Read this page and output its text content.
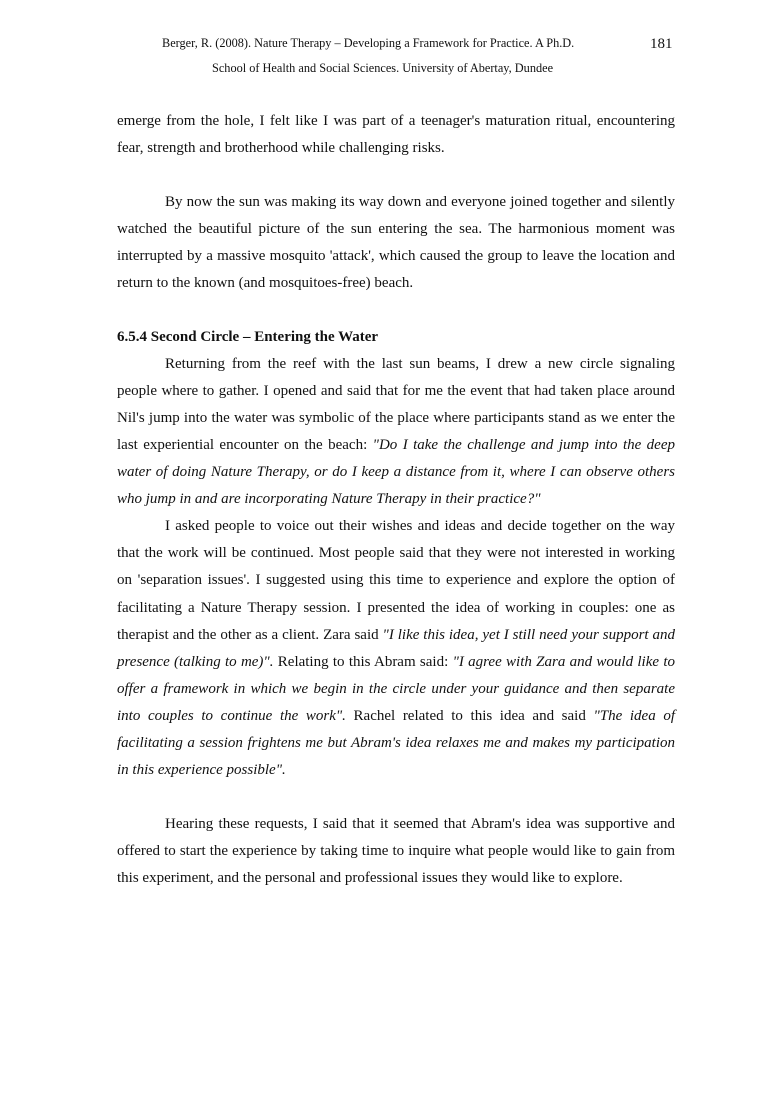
Berger, R. (2008). Nature Therapy – Developing a Framework for Practice. A Ph.D.	181
School of Health and Social Sciences. University of Abertay, Dundee

emerge from the hole, I felt like I was part of a teenager's maturation ritual, encountering fear, strength and brotherhood while challenging risks.

By now the sun was making its way down and everyone joined together and silently watched the beautiful picture of the sun entering the sea. The harmonious moment was interrupted by a massive mosquito 'attack', which caused the group to leave the location and return to the known (and mosquitoes-free) beach.

6.5.4 Second Circle – Entering the Water

Returning from the reef with the last sun beams, I drew a new circle signaling people where to gather. I opened and said that for me the event that had taken place around Nil's jump into the water was symbolic of the place where participants stand as we enter the last experiential encounter on the beach: "Do I take the challenge and jump into the deep water of doing Nature Therapy, or do I keep a distance from it, where I can observe others who jump in and are incorporating Nature Therapy in their practice?"

I asked people to voice out their wishes and ideas and decide together on the way that the work will be continued. Most people said that they were not interested in working on 'separation issues'. I suggested using this time to experience and explore the option of facilitating a Nature Therapy session. I presented the idea of working in couples: one as therapist and the other as a client. Zara said "I like this idea, yet I still need your support and presence (talking to me)". Relating to this Abram said: "I agree with Zara and would like to offer a framework in which we begin in the circle under your guidance and then separate into couples to continue the work". Rachel related to this idea and said "The idea of facilitating a session frightens me but Abram's idea relaxes me and makes my participation in this experience possible".

Hearing these requests, I said that it seemed that Abram's idea was supportive and offered to start the experience by taking time to inquire what people would like to gain from this experiment, and the personal and professional issues they would like to explore.
